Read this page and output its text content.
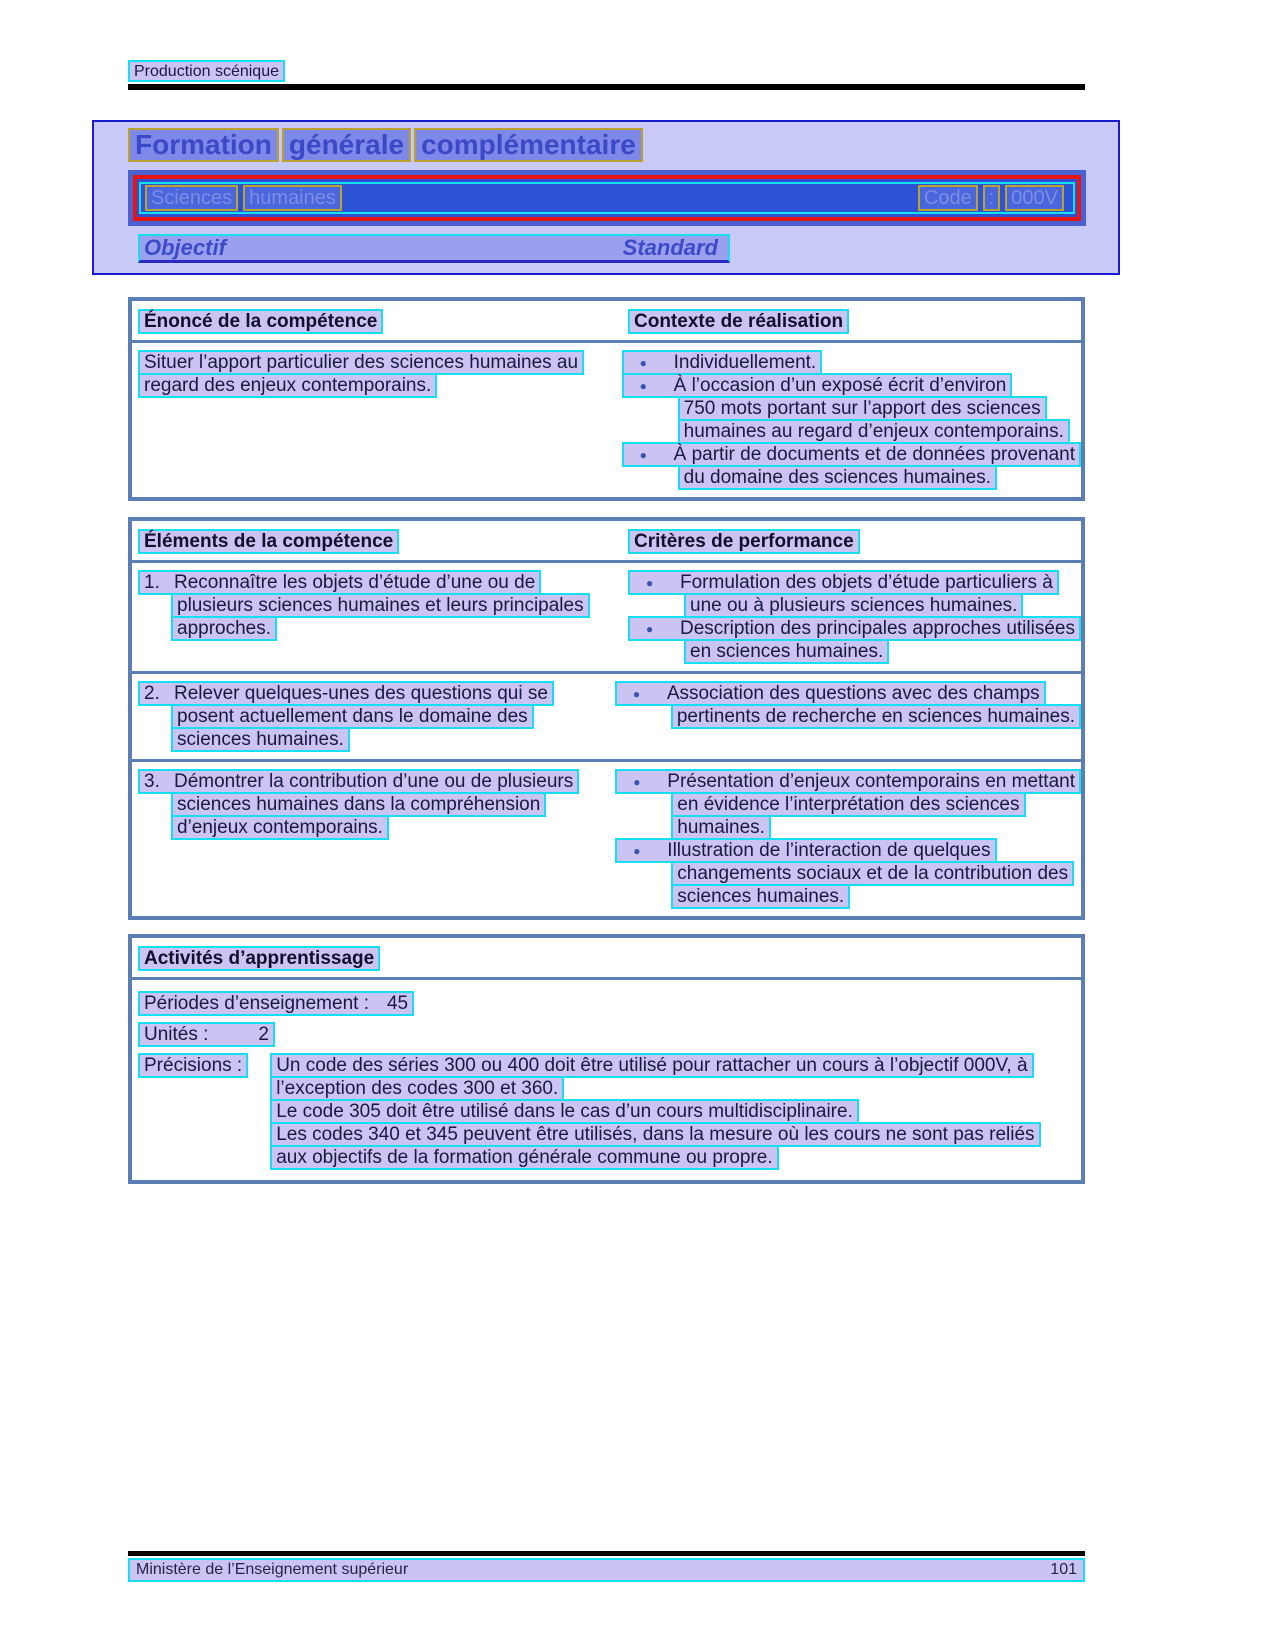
Production scénique
Formation générale complémentaire
Sciences humaines	Code : 000V
Objectif	Standard
Énoncé de la compétence	Contexte de réalisation
Situer l’apport particulier des sciences humaines au
regard des enjeux contemporains.
● Individuellement.
● À l’occasion d’un exposé écrit d’environ
750 mots portant sur l’apport des sciences
humaines au regard d’enjeux contemporains.
● À partir de documents et de données provenant
du domaine des sciences humaines.
Éléments de la compétence	Critères de performance
1. Reconnaître les objets d’étude d’une ou de
plusieurs sciences humaines et leurs principales
approches.
● Formulation des objets d’étude particuliers à
une ou à plusieurs sciences humaines.
● Description des principales approches utilisées
en sciences humaines.
2. Relever quelques-unes des questions qui se
posent actuellement dans le domaine des
sciences humaines.
● Association des questions avec des champs
pertinents de recherche en sciences humaines.
3. Démontrer la contribution d’une ou de plusieurs
sciences humaines dans la compréhension
d’enjeux contemporains.
● Présentation d’enjeux contemporains en mettant
en évidence l’interprétation des sciences
humaines.
● Illustration de l’interaction de quelques
changements sociaux et de la contribution des
sciences humaines.
Activités d’apprentissage
Périodes d’enseignement : 45
Unités :	2
Précisions :	Un code des séries 300 ou 400 doit être utilisé pour rattacher un cours à l’objectif 000V, à
l’exception des codes 300 et 360.
Le code 305 doit être utilisé dans le cas d’un cours multidisciplinaire.
Les codes 340 et 345 peuvent être utilisés, dans la mesure où les cours ne sont pas reliés
aux objectifs de la formation générale commune ou propre.
Ministère de l’Enseignement supérieur	101
